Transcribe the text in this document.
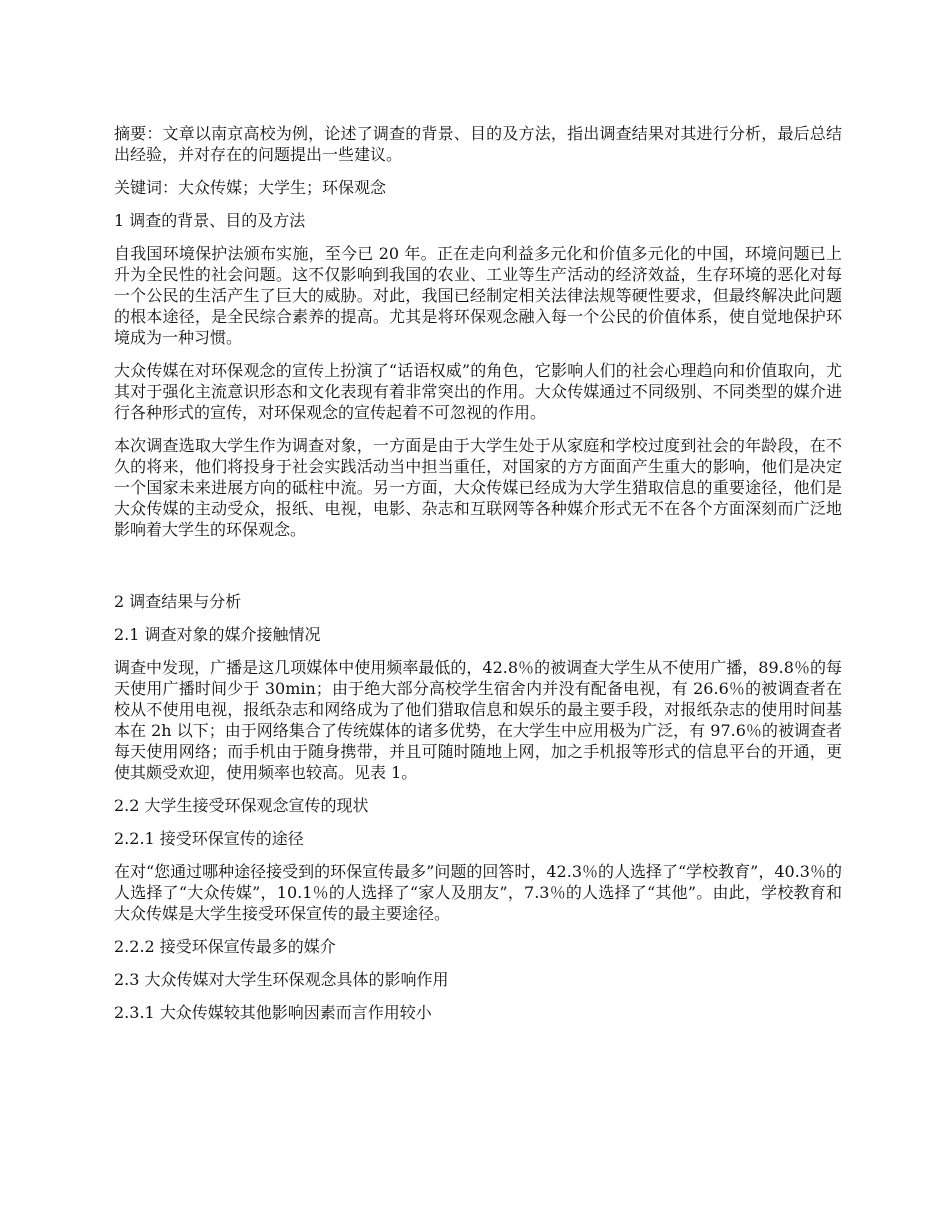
摘要：文章以南京高校为例，论述了调查的背景、目的及方法，指出调查结果对其进行分析，最后总结出经验，并对存在的问题提出一些建议。

关键词：大众传媒；大学生；环保观念

1 调查的背景、目的及方法

自我国环境保护法颁布实施，至今已 20 年。正在走向利益多元化和价值多元化的中国，环境问题已上升为全民性的社会问题。这不仅影响到我国的农业、工业等生产活动的经济效益，生存环境的恶化对每一个公民的生活产生了巨大的威胁。对此，我国已经制定相关法律法规等硬性要求，但最终解决此问题的根本途径，是全民综合素养的提高。尤其是将环保观念融入每一个公民的价值体系，使自觉地保护环境成为一种习惯。

大众传媒在对环保观念的宣传上扮演了“话语权威”的角色，它影响人们的社会心理趋向和价值取向，尤其对于强化主流意识形态和文化表现有着非常突出的作用。大众传媒通过不同级别、不同类型的媒介进行各种形式的宣传，对环保观念的宣传起着不可忽视的作用。

本次调查选取大学生作为调查对象，一方面是由于大学生处于从家庭和学校过度到社会的年龄段，在不久的将来，他们将投身于社会实践活动当中担当重任，对国家的方方面面产生重大的影响，他们是决定一个国家未来进展方向的砥柱中流。另一方面，大众传媒已经成为大学生猎取信息的重要途径，他们是大众传媒的主动受众，报纸、电视，电影、杂志和互联网等各种媒介形式无不在各个方面深刻而广泛地影响着大学生的环保观念。

2 调查结果与分析

2.1 调查对象的媒介接触情况

调查中发现，广播是这几项媒体中使用频率最低的，42.8％的被调查大学生从不使用广播，89.8％的每天使用广播时间少于 30min；由于绝大部分高校学生宿舍内并没有配备电视，有 26.6％的被调查者在校从不使用电视，报纸杂志和网络成为了他们猎取信息和娱乐的最主要手段，对报纸杂志的使用时间基本在 2h 以下；由于网络集合了传统媒体的诸多优势，在大学生中应用极为广泛，有 97.6％的被调查者每天使用网络；而手机由于随身携带，并且可随时随地上网，加之手机报等形式的信息平台的开通，更使其颇受欢迎，使用频率也较高。见表 1。

2.2 大学生接受环保观念宣传的现状

2.2.1 接受环保宣传的途径

在对“您通过哪种途径接受到的环保宣传最多”问题的回答时，42.3％的人选择了“学校教育”，40.3％的人选择了“大众传媒”，10.1％的人选择了“家人及朋友”，7.3％的人选择了“其他”。由此，学校教育和大众传媒是大学生接受环保宣传的最主要途径。

2.2.2 接受环保宣传最多的媒介

2.3 大众传媒对大学生环保观念具体的影响作用

2.3.1 大众传媒较其他影响因素而言作用较小
